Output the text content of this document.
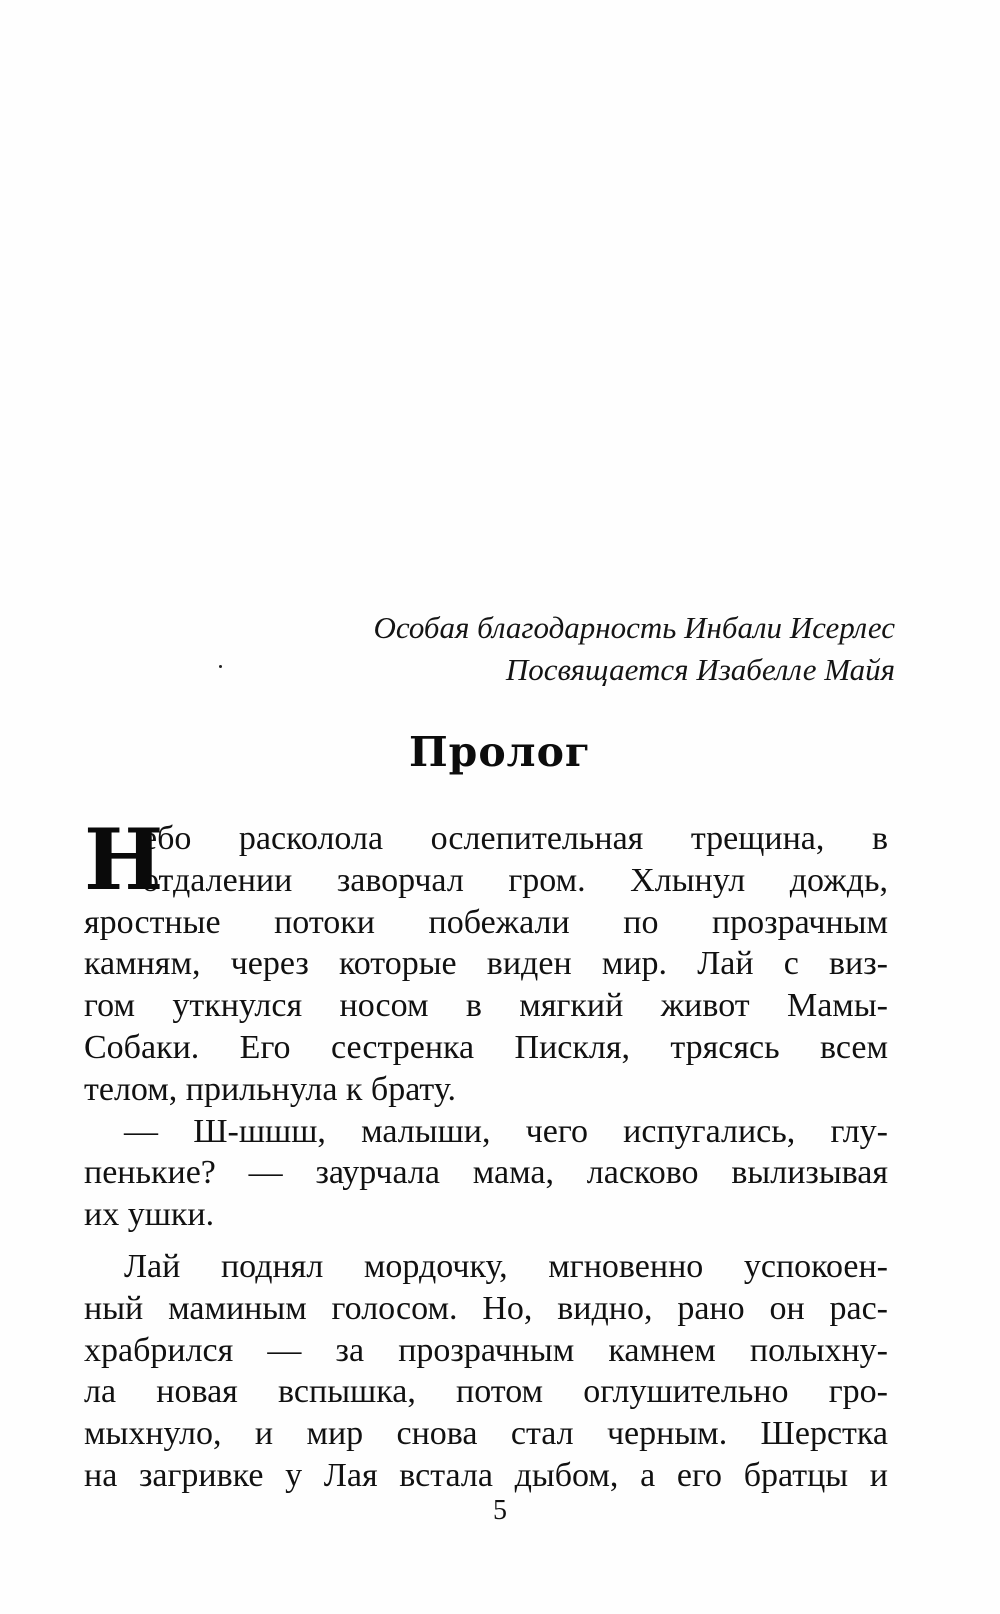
Особая благодарность Инбали Исерлес
Посвящается Изабелле Майя
Пролог
Н
ебо расколола ослепительная трещина, в
отдалении заворчал гром. Хлынул дождь,
яростные потоки побежали по прозрачным
камням, через которые виден мир. Лай с виз-
гом уткнулся носом в мягкий живот Мамы-
Собаки. Его сестренка Пискля, трясясь всем
телом, прильнула к брату.
— Ш-шшш, малыши, чего испугались, глу-
пенькие? — заурчала мама, ласково вылизывая
их ушки.
Лай поднял мордочку, мгновенно успокоен-
ный маминым голосом. Но, видно, рано он рас-
храбрился — за прозрачным камнем полыхну-
ла новая вспышка, потом оглушительно гро-
мыхнуло, и мир снова стал черным. Шерстка
на загривке у Лая встала дыбом, а его братцы и
5
